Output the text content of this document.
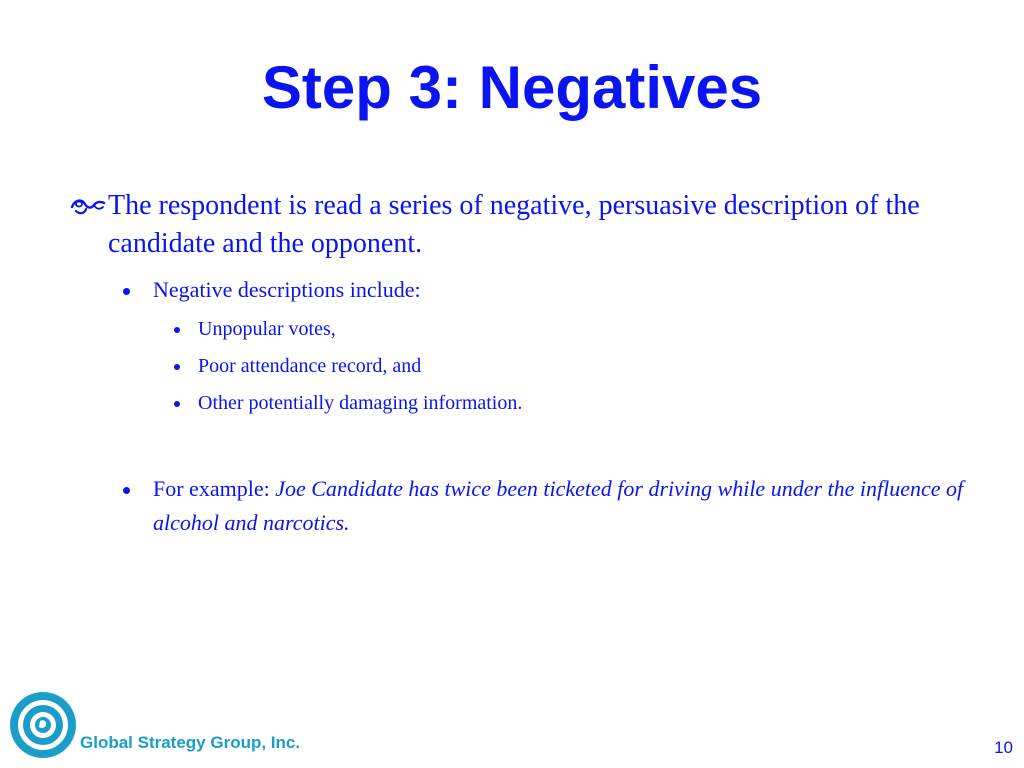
Step 3: Negatives
The respondent is read a series of negative, persuasive description of the candidate and the opponent.
Negative descriptions include:
Unpopular votes,
Poor attendance record, and
Other potentially damaging information.
For example: Joe Candidate has twice been ticketed for driving while under the influence of alcohol and narcotics.
Global Strategy Group, Inc.	10
